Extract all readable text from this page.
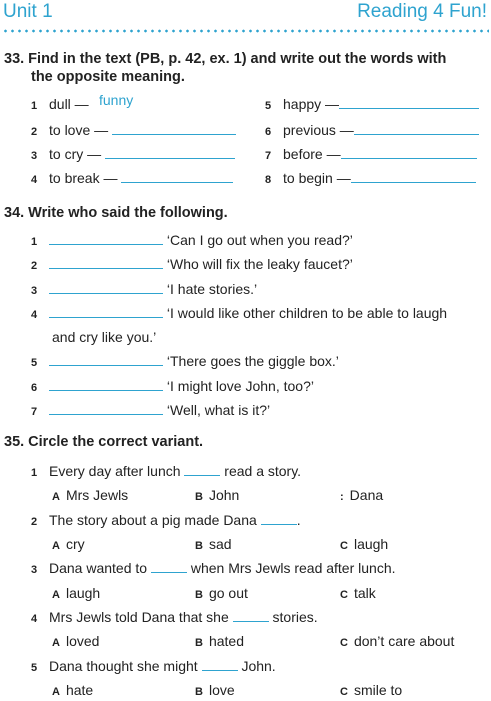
Unit 1	Reading 4 Fun!
33. Find in the text (PB, p. 42, ex. 1) and write out the words with
the opposite meaning.
1 dull — funny
2 to love —
3 to cry —
4 to break —
5 happy —
6 previous —
7 before —
8 to begin —
34. Write who said the following.
1	‘Can I go out when you read?’
2	‘Who will fix the leaky faucet?’
3	‘I hate stories.’
4	‘I would like other children to be able to laugh
and cry like you.’
5	‘There goes the giggle box.’
6	‘I might love John, too?’
7	‘Well, what is it?’
35. Circle the correct variant.
1 Every day after lunch	read a story.
A Mrs Jewls	B John	: Dana
2 The story about a pig made Dana	.
A cry	B sad	C laugh
3 Dana wanted to	when Mrs Jewls read after lunch.
A laugh	B go out	C talk
4 Mrs Jewls told Dana that she	stories.
A loved	B hated	C don’t care about
5 Dana thought she might	John.
A hate	B love	C smile to
